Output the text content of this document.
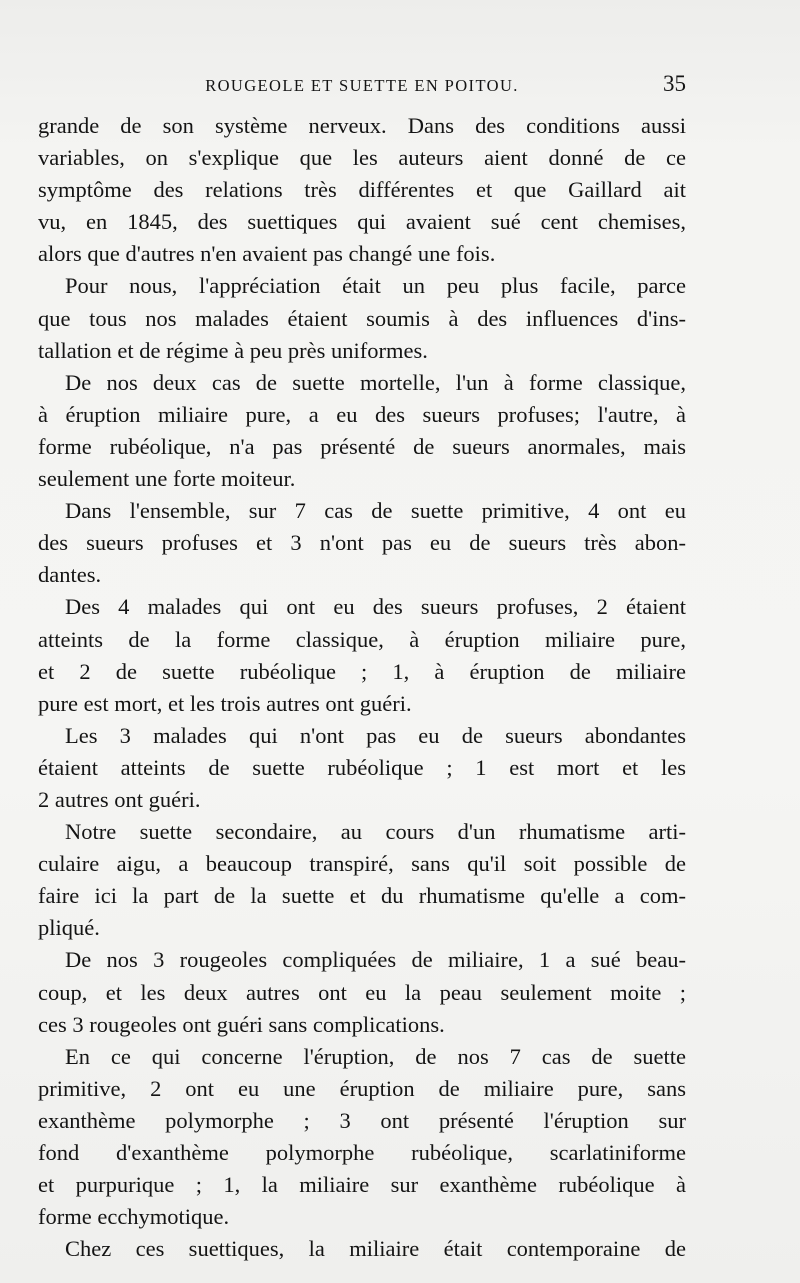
ROUGEOLE ET SUETTE EN POITOU.	35
grande de son système nerveux. Dans des conditions aussi
variables, on s'explique que les auteurs aient donné de ce
symptôme des relations très différentes et que Gaillard ait
vu, en 1845, des suettiques qui avaient sué cent chemises,
alors que d'autres n'en avaient pas changé une fois.
Pour nous, l'appréciation était un peu plus facile, parce
que tous nos malades étaient soumis à des influences d'ins-
tallation et de régime à peu près uniformes.
De nos deux cas de suette mortelle, l'un à forme classique,
à éruption miliaire pure, a eu des sueurs profuses; l'autre, à
forme rubéolique, n'a pas présenté de sueurs anormales, mais
seulement une forte moiteur.
Dans l'ensemble, sur 7 cas de suette primitive, 4 ont eu
des sueurs profuses et 3 n'ont pas eu de sueurs très abon-
dantes.
Des 4 malades qui ont eu des sueurs profuses, 2 étaient
atteints de la forme classique, à éruption miliaire pure,
et 2 de suette rubéolique ; 1, à éruption de miliaire
pure est mort, et les trois autres ont guéri.
Les 3 malades qui n'ont pas eu de sueurs abondantes
étaient atteints de suette rubéolique ; 1 est mort et les
2 autres ont guéri.
Notre suette secondaire, au cours d'un rhumatisme arti-
culaire aigu, a beaucoup transpiré, sans qu'il soit possible de
faire ici la part de la suette et du rhumatisme qu'elle a com-
pliqué.
De nos 3 rougeoles compliquées de miliaire, 1 a sué beau-
coup, et les deux autres ont eu la peau seulement moite ;
ces 3 rougeoles ont guéri sans complications.
En ce qui concerne l'éruption, de nos 7 cas de suette
primitive, 2 ont eu une éruption de miliaire pure, sans
exanthème polymorphe ; 3 ont présenté l'éruption sur
fond d'exanthème polymorphe rubéolique, scarlatiniforme
et purpurique ; 1, la miliaire sur exanthème rubéolique à
forme ecchymotique.
Chez ces suettiques, la miliaire était contemporaine de
